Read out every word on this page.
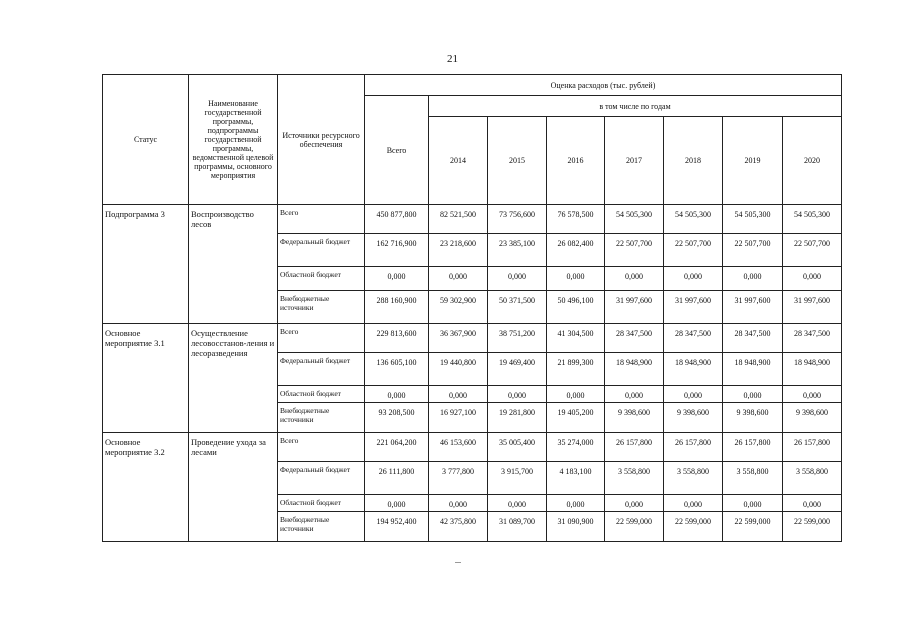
21
Статус	Наименование государственной программы, подпрограммы государственной программы, ведомственной целевой программы, основного мероприятия	Источники ресурсного обеспечения	Оценка расходов (тыс. рублей)							
			Всего	в том числе по годам						
				2014	2015	2016	2017	2018	2019	2020
Подпрограмма 3	Воспроизводство лесов	Всего	450 877,800	82 521,500	73 756,600	76 578,500	54 505,300	54 505,300	54 505,300	54 505,300
		Федеральный бюджет	162 716,900	23 218,600	23 385,100	26 082,400	22 507,700	22 507,700	22 507,700	22 507,700
		Областной бюджет	0,000	0,000	0,000	0,000	0,000	0,000	0,000	0,000
		Внебюджетные источники	288 160,900	59 302,900	50 371,500	50 496,100	31 997,600	31 997,600	31 997,600	31 997,600
Основное мероприятие 3.1	Осуществление лесовосстанов-ления и лесоразведения	Всего	229 813,600	36 367,900	38 751,200	41 304,500	28 347,500	28 347,500	28 347,500	28 347,500
		Федеральный бюджет	136 605,100	19 440,800	19 469,400	21 899,300	18 948,900	18 948,900	18 948,900	18 948,900
		Областной бюджет	0,000	0,000	0,000	0,000	0,000	0,000	0,000	0,000
		Внебюджетные источники	93 208,500	16 927,100	19 281,800	19 405,200	9 398,600	9 398,600	9 398,600	9 398,600
Основное мероприятие 3.2	Проведение ухода за лесами	Всего	221 064,200	46 153,600	35 005,400	35 274,000	26 157,800	26 157,800	26 157,800	26 157,800
		Федеральный бюджет	26 111,800	3 777,800	3 915,700	4 183,100	3 558,800	3 558,800	3 558,800	3 558,800
		Областной бюджет	0,000	0,000	0,000	0,000	0,000	0,000	0,000	0,000
		Внебюджетные источники	194 952,400	42 375,800	31 089,700	31 090,900	22 599,000	22 599,000	22 599,000	22 599,000
